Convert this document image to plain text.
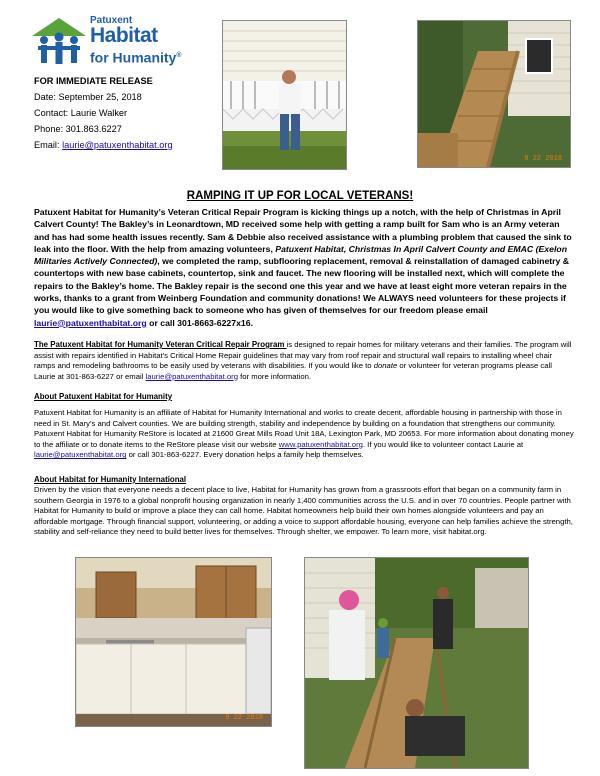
Patuxent
Habitat
for Humanity®
FOR IMMEDIATE RELEASE
Date: September 25, 2018
Contact: Laurie Walker
Phone: 301.863.6227
Email: laurie@patuxenthabitat.org
9 22 2018
RAMPING IT UP FOR LOCAL VETERANS!
Patuxent Habitat for Humanity’s Veteran Critical Repair Program is kicking things up a notch, with the help of Christmas in April Calvert County! The Bakley’s in Leonardtown, MD received some help with getting a ramp built for Sam who is an Army veteran and has had some health issues recently. Sam & Debbie also received assistance with a plumbing problem that caused the sink to leak into the floor. With the help from amazing volunteers, Patuxent Habitat, Christmas In April Calvert County and EMAC (Exelon Militaries Actively Connected), we completed the ramp, subflooring replacement, removal & reinstallation of damaged cabinetry & countertops with new base cabinets, countertop, sink and faucet. The new flooring will be installed next, which will complete the repairs to the Bakley’s home. The Bakley repair is the second one this year and we have at least eight more veteran repairs in the works, thanks to a grant from Weinberg Foundation and community donations! We ALWAYS need volunteers for these projects if you would like to give something back to someone who has given of themselves for our freedom please email laurie@patuxenthabitat.org or call 301-8663-6227x16.
The Patuxent Habitat for Humanity Veteran Critical Repair Program is designed to repair homes for military veterans and their families. The program will assist with repairs identified in Habitat’s Critical Home Repair guidelines that may vary from roof repair and structural wall repairs to installing wheel chair ramps and remodeling bathrooms to be easily used by veterans with disabilities. If you would like to donate or volunteer for veteran programs please call Laurie at 301-863-6227 or email laurie@patuxenthabitat.org for more information.
About Patuxent Habitat for Humanity
Patuxent Habitat for Humanity is an affiliate of Habitat for Humanity International and works to create decent, affordable housing in partnership with those in need in St. Mary’s and Calvert counties. We are building strength, stability and independence by building on a foundation that strengthens our community. Patuxent Habitat for Humanity ReStore is located at 21600 Great Mills Road Unit 18A, Lexington Park, MD 20653. For more information about donating money to the affiliate or to donate items to the ReStore please visit our website www.patuxenthabitat.org. If you would like to volunteer contact Laurie at laurie@patuxenthabitat.org or call 301-863-6227. Every donation helps a family help themselves.
About Habitat for Humanity International
Driven by the vision that everyone needs a decent place to live, Habitat for Humanity has grown from a grassroots effort that began on a community farm in southern Georgia in 1976 to a global nonprofit housing organization in nearly 1,400 communities across the U.S. and in over 70 countries. People partner with Habitat for Humanity to build or improve a place they can call home. Habitat homeowners help build their own homes alongside volunteers and pay an affordable mortgage. Through financial support, volunteering, or adding a voice to support affordable housing, everyone can help families achieve the strength, stability and self-reliance they need to build better lives for themselves. Through shelter, we empower. To learn more, visit habitat.org.
9 22 2018
